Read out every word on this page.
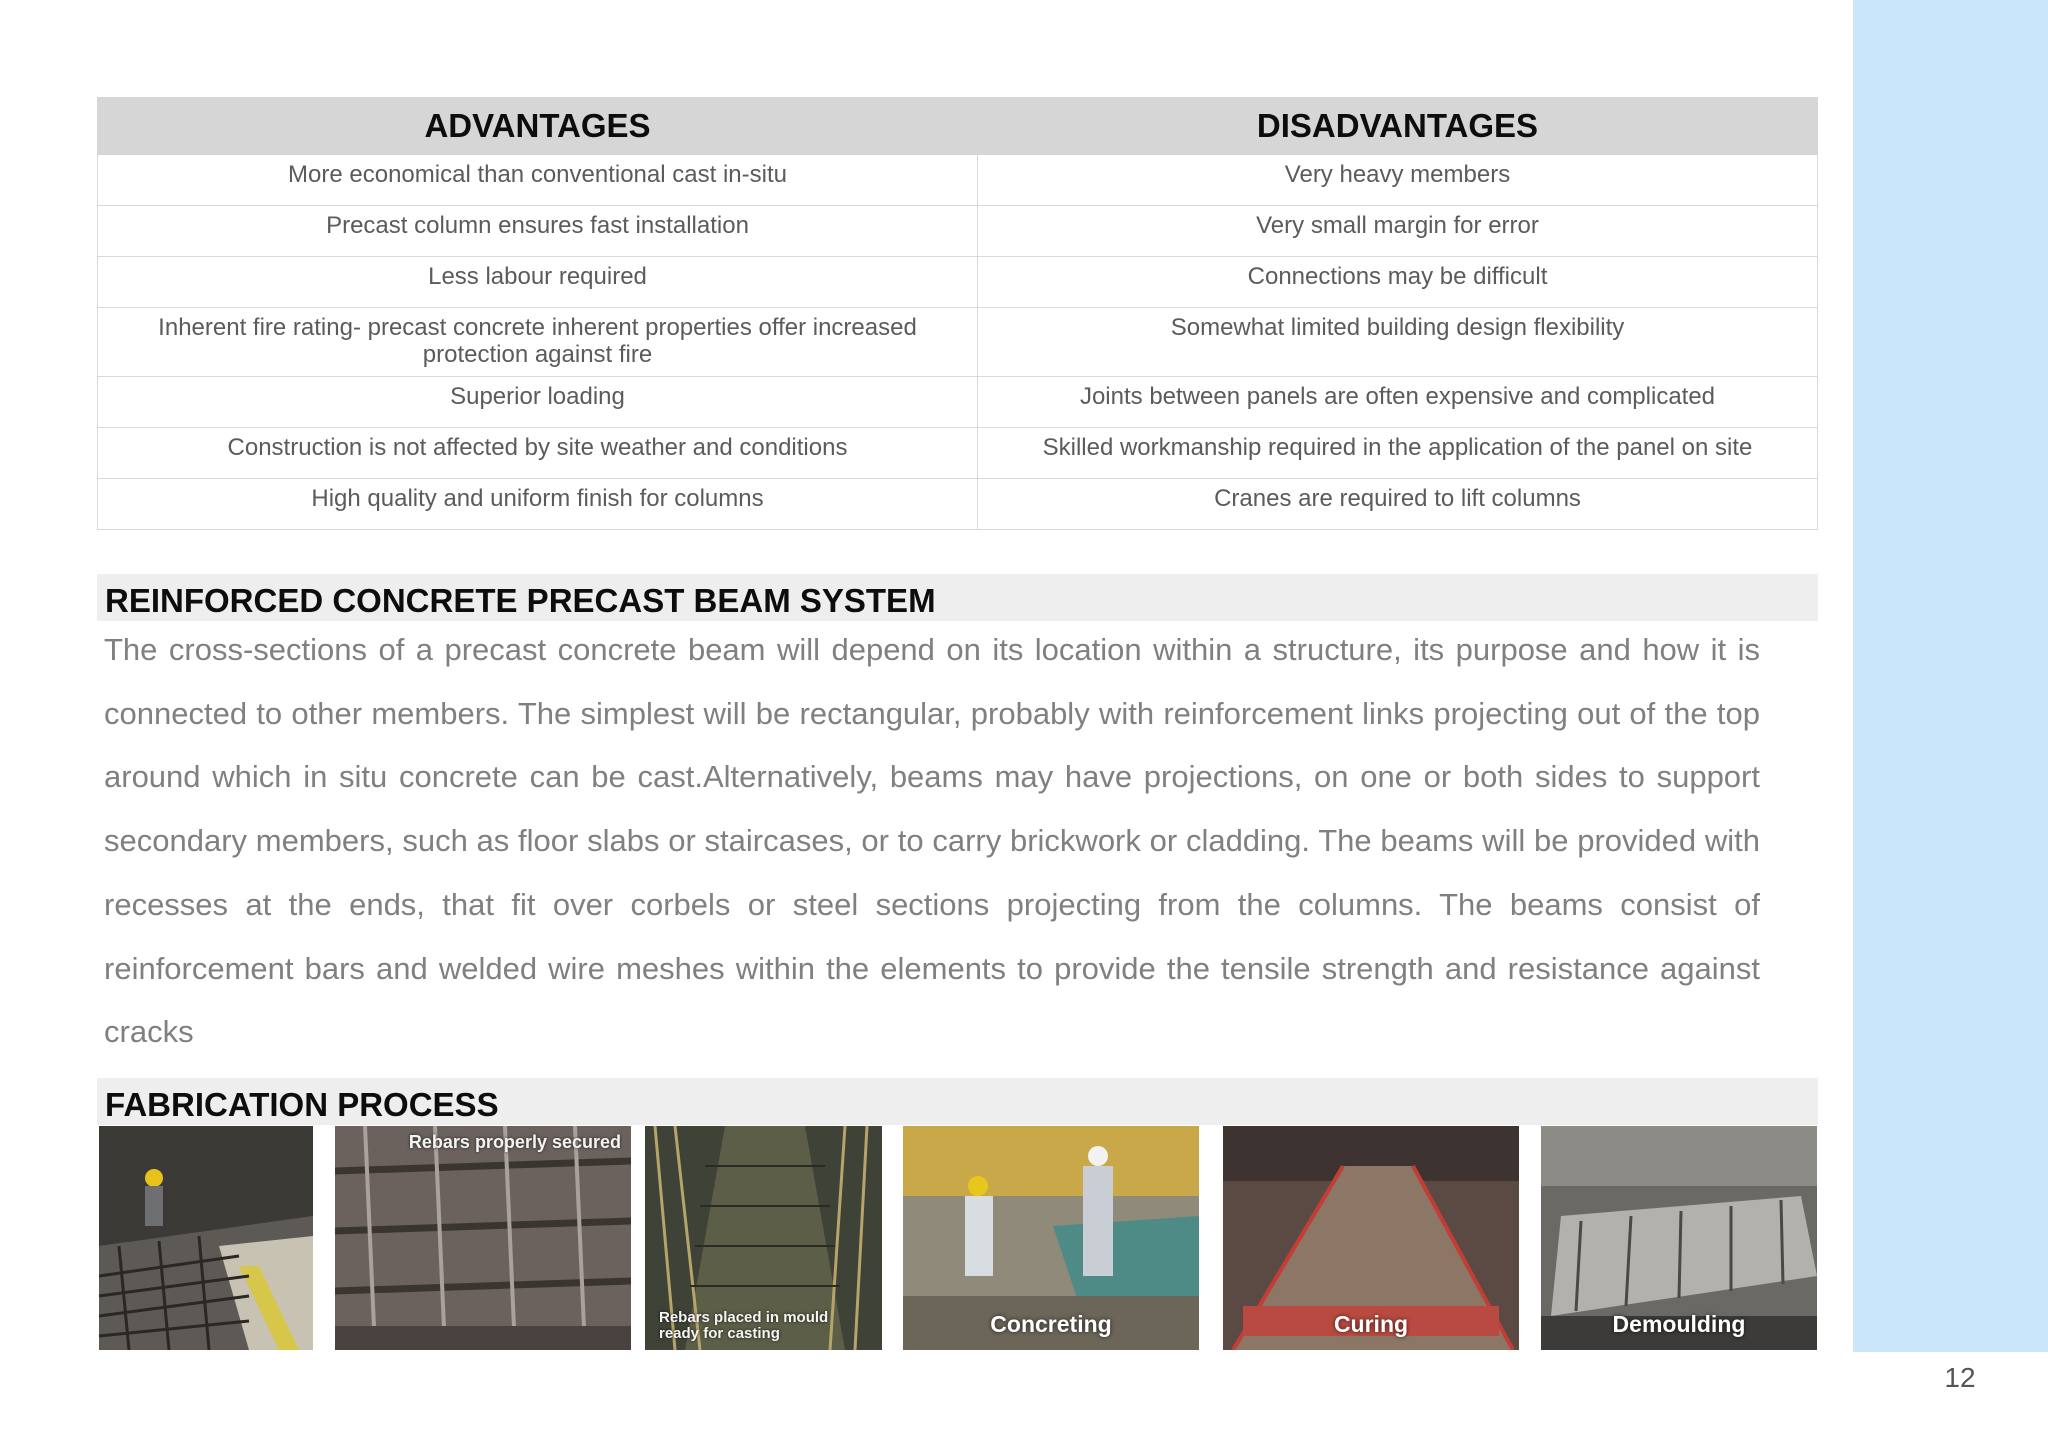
ADVANTAGES	DISADVANTAGES
More economical than conventional cast in-situ	Very heavy members
Precast column ensures fast installation	Very small margin for error
Less labour required	Connections may be difficult
Inherent fire rating- precast concrete inherent properties offer increased protection against fire	Somewhat limited building design flexibility
Superior loading	Joints between panels are often expensive and complicated
Construction is not affected by site weather and conditions	Skilled workmanship required in the application of the panel on site
High quality and uniform finish for columns	Cranes are required to lift columns
REINFORCED CONCRETE PRECAST BEAM SYSTEM

The cross-sections of a precast concrete beam will depend on its location within a structure, its purpose and how it is connected to other members. The simplest will be rectangular, probably with reinforcement links projecting out of the top around which in situ concrete can be cast.Alternatively, beams may have projections, on one or both sides to support secondary members, such as floor slabs or staircases, or to carry brickwork or cladding. The beams will be provided with recesses at the ends, that fit over corbels or steel sections projecting from the columns. The beams consist of reinforcement bars and welded wire meshes within the elements to provide the tensile strength and resistance against cracks

FABRICATION PROCESS
Rebars properly secured
Rebars placed in mould ready for casting	Concreting	Curing	Demoulding
12
